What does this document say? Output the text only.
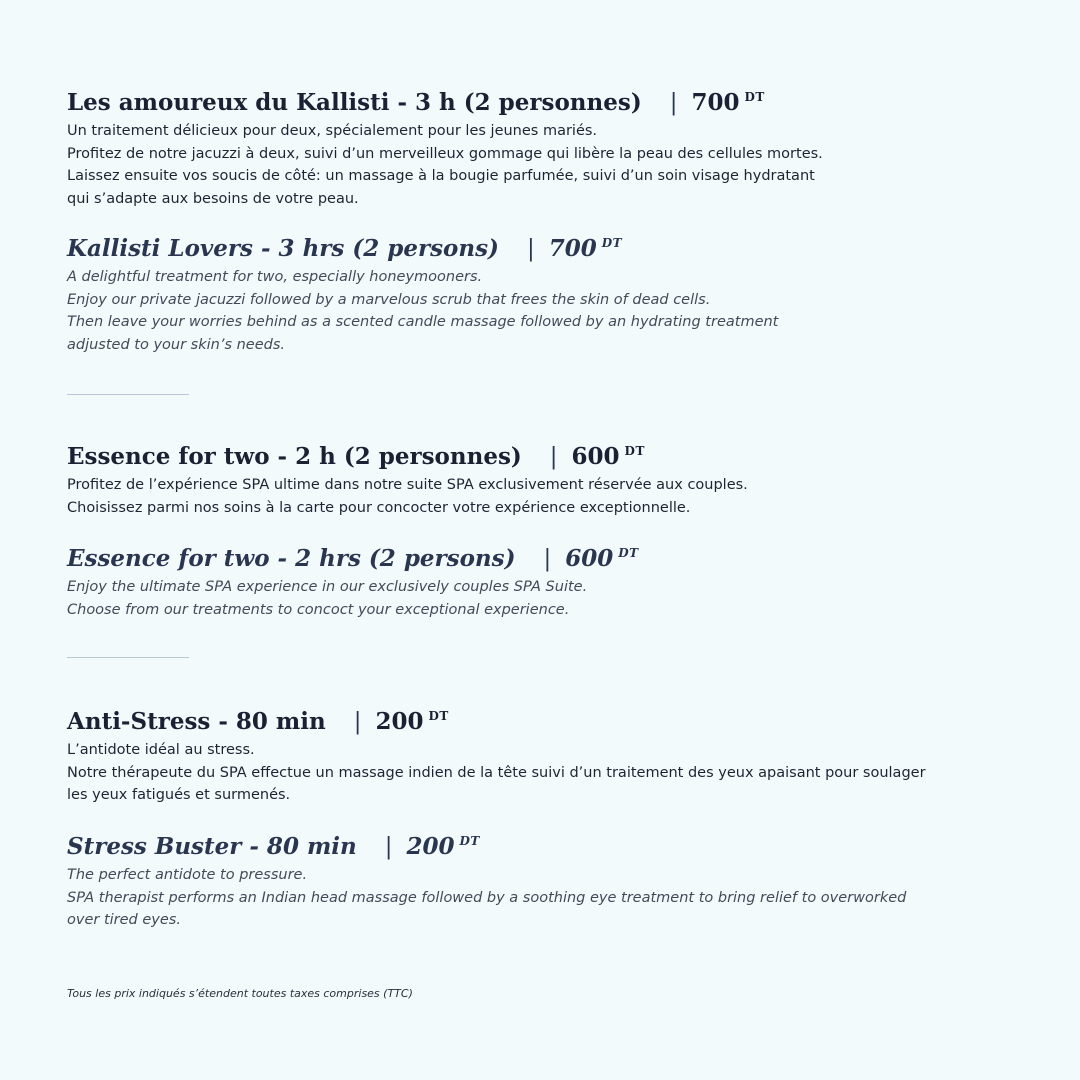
Les amoureux du Kallisti - 3 h (2 personnes) | 700 $^{DT}$

Un traitement délicieux pour deux, spécialement pour les jeunes mariés.
Profitez de notre jacuzzi à deux, suivi d’un merveilleux gommage qui libère la peau des cellules mortes.
Laissez ensuite vos soucis de côté: un massage à la bougie parfumée, suivi d’un soin visage hydratant
qui s’adapte aux besoins de votre peau.

Kallisti Lovers - 3 hrs (2 persons) | 700 $^{DT}$

A delightful treatment for two, especially honeymooners.
Enjoy our private jacuzzi followed by a marvelous scrub that frees the skin of dead cells.
Then leave your worries behind as a scented candle massage followed by an hydrating treatment
adjusted to your skin’s needs.

Essence for two - 2 h (2 personnes) | 600 $^{DT}$

Profitez de l’expérience SPA ultime dans notre suite SPA exclusivement réservée aux couples.
Choisissez parmi nos soins à la carte pour concocter votre expérience exceptionnelle.

Essence for two - 2 hrs (2 persons) | 600 $^{DT}$

Enjoy the ultimate SPA experience in our exclusively couples SPA Suite.
Choose from our treatments to concoct your exceptional experience.

Anti-Stress - 80 min | 200 $^{DT}$

L’antidote idéal au stress.
Notre thérapeute du SPA effectue un massage indien de la tête suivi d’un traitement des yeux apaisant pour soulager
les yeux fatigués et surmenés.

Stress Buster - 80 min | 200 $^{DT}$

The perfect antidote to pressure.
SPA therapist performs an Indian head massage followed by a soothing eye treatment to bring relief to overworked
over tired eyes.

Tous les prix indiqués s’étendent toutes taxes comprises (TTC)
